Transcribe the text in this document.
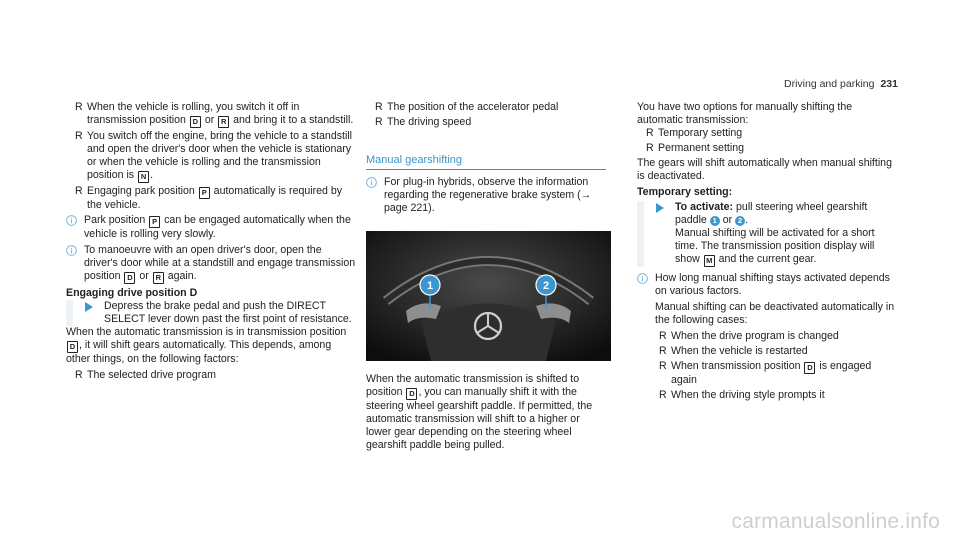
Driving and parking 231
R When the vehicle is rolling, you switch it off in transmission position D or R and bring it to a standstill.
R You switch off the engine, bring the vehicle to a standstill and open the driver's door when the vehicle is stationary or when the vehicle is rolling and the transmission position is N .
R Engaging park position P automatically is required by the vehicle.
Park position P can be engaged automatically when the vehicle is rolling very slowly.
To manoeuvre with an open driver's door, open the driver's door while at a standstill and engage transmission position D or R again.

Engaging drive position D

Depress the brake pedal and push the DIRECT SELECT lever down past the first point of resistance.

When the automatic transmission is in transmission position D , it will shift gears automatically. This depends, among other things, on the following factors:

R The selected drive program
R The position of the accelerator pedal
R The driving speed
Manual gearshifting
For plug-in hybrids, observe the information regarding the regenerative brake system (→ page 221).
1	2

When the automatic transmission is shifted to position D , you can manually shift it with the steering wheel gearshift paddle. If permitted, the automatic transmission will shift to a higher or lower gear depending on the steering wheel gearshift paddle being pulled.

You have two options for manually shifting the automatic transmission:

R Temporary setting
R Permanent setting

The gears will shift automatically when manual shifting is deactivated.

Temporary setting:

To activate: pull steering wheel gearshift paddle 1 or 2 .
Manual shifting will be activated for a short time. The transmission position display will show M and the current gear.
How long manual shifting stays activated depends on various factors.

Manual shifting can be deactivated automatically in the following cases:

R When the drive program is changed
R When the vehicle is restarted
R When transmission position D is engaged again
R When the driving style prompts it
carmanualsonline.info
